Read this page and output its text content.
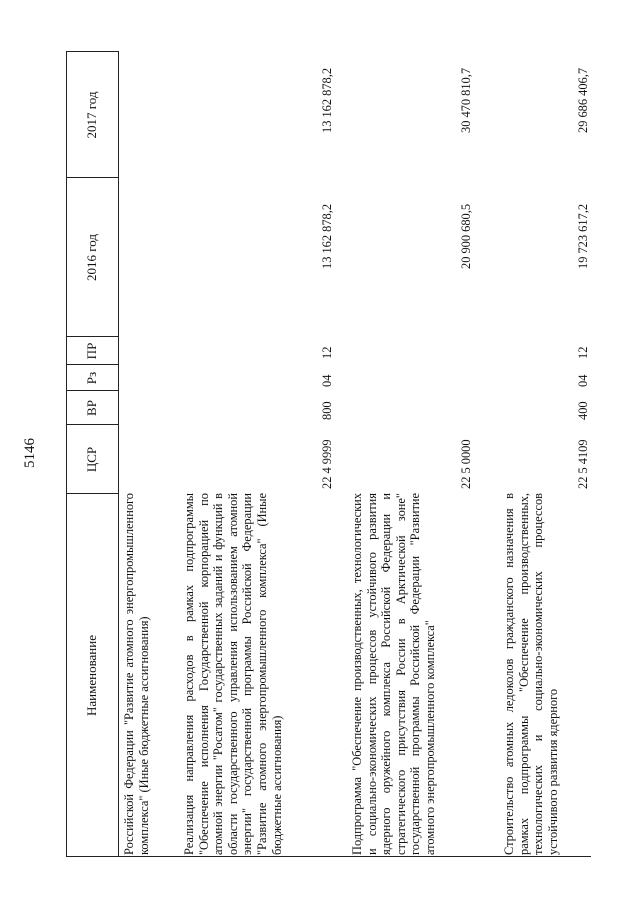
5146
Наименование
ЦСР
ВР
Рз
ПР
2016 год
2017 год
Российской Федерации "Развитие атомного энергопромышленного комплекса" (Иные бюджетные ассигнования)	Реализация направления расходов в рамках подпрограммы "Обеспечение исполнения Государственной корпорацией по атомной энергии "Росатом" государственных заданий и функций в области государственного управления использованием атомной энергии" государственной программы Российской Федерации "Развитие атомного энергопромышленного комплекса" (Иные бюджетные ассигнования)
22 4 9999
800
04
12
13 162 878,2
13 162 878,2
Подпрограмма "Обеспечение производственных, технологических и социально-экономических процессов устойчивого развития ядерного оружейного комплекса Российской Федерации и стратегического присутствия России в Арктической зоне" государственной программы Российской Федерации "Развитие атомного энергопромышленного комплекса"
22 5 0000
20 900 680,5
30 470 810,7
Строительство атомных ледоколов гражданского назначения в рамках подпрограммы "Обеспечение производственных, технологических и социально-экономических процессов устойчивого развития ядерного
22 5 4109
400
04
12
19 723 617,2
29 686 406,7
